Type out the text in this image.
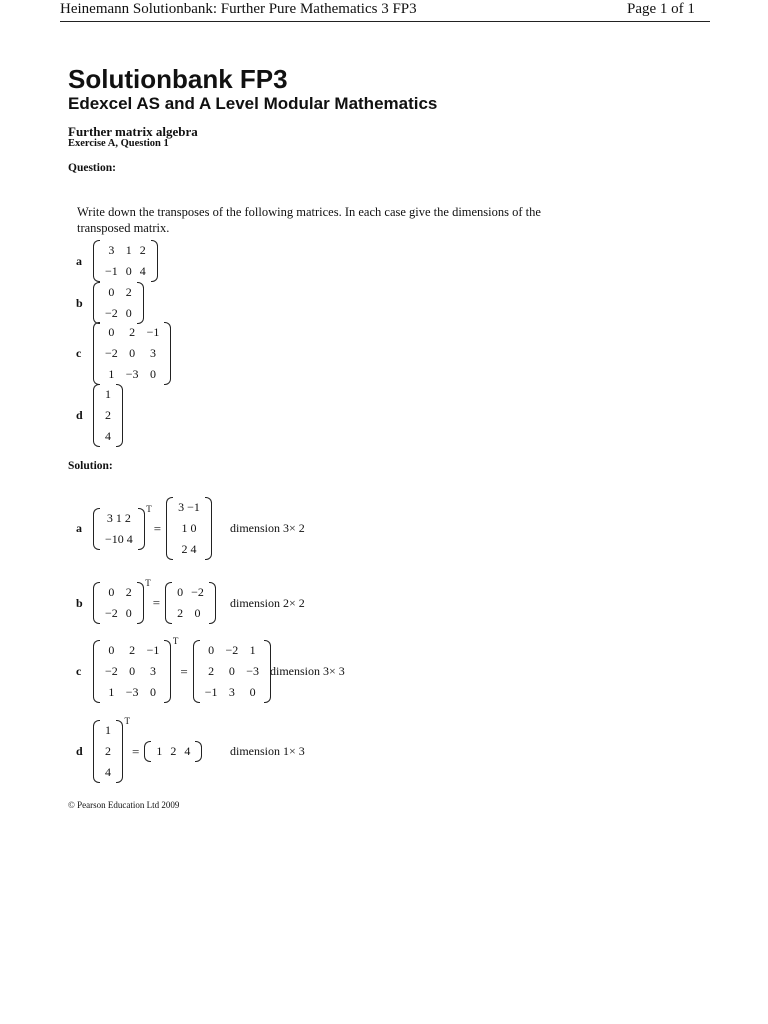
Heinemann Solutionbank: Further Pure Mathematics 3 FP3	Page 1 of 1
Solutionbank FP3
Edexcel AS and A Level Modular Mathematics
Further matrix algebra
Exercise A, Question 1
Question:
Write down the transposes of the following matrices. In each case give the dimensions of the transposed matrix.
a
3	1	2
−1	0	4
b
0	2
−2	0
c
0	2	−1
−2	0	3
1	−3	0
d
1
2
4
Solution:
a
3 1 2
−10 4
T
=
3 −1
1 0
2 4
dimension 3× 2
b
0	2
−2	0
T
=
0	−2
2	0
dimension 2× 2
c
0	2	−1
−2	0	3
1	−3	0
T
=
0	−2	1
2	0	−3
−1	3	0
dimension 3× 3
d
1
2
4
T
= 1	2	4	dimension 1× 3
© Pearson Education Ltd 2009
